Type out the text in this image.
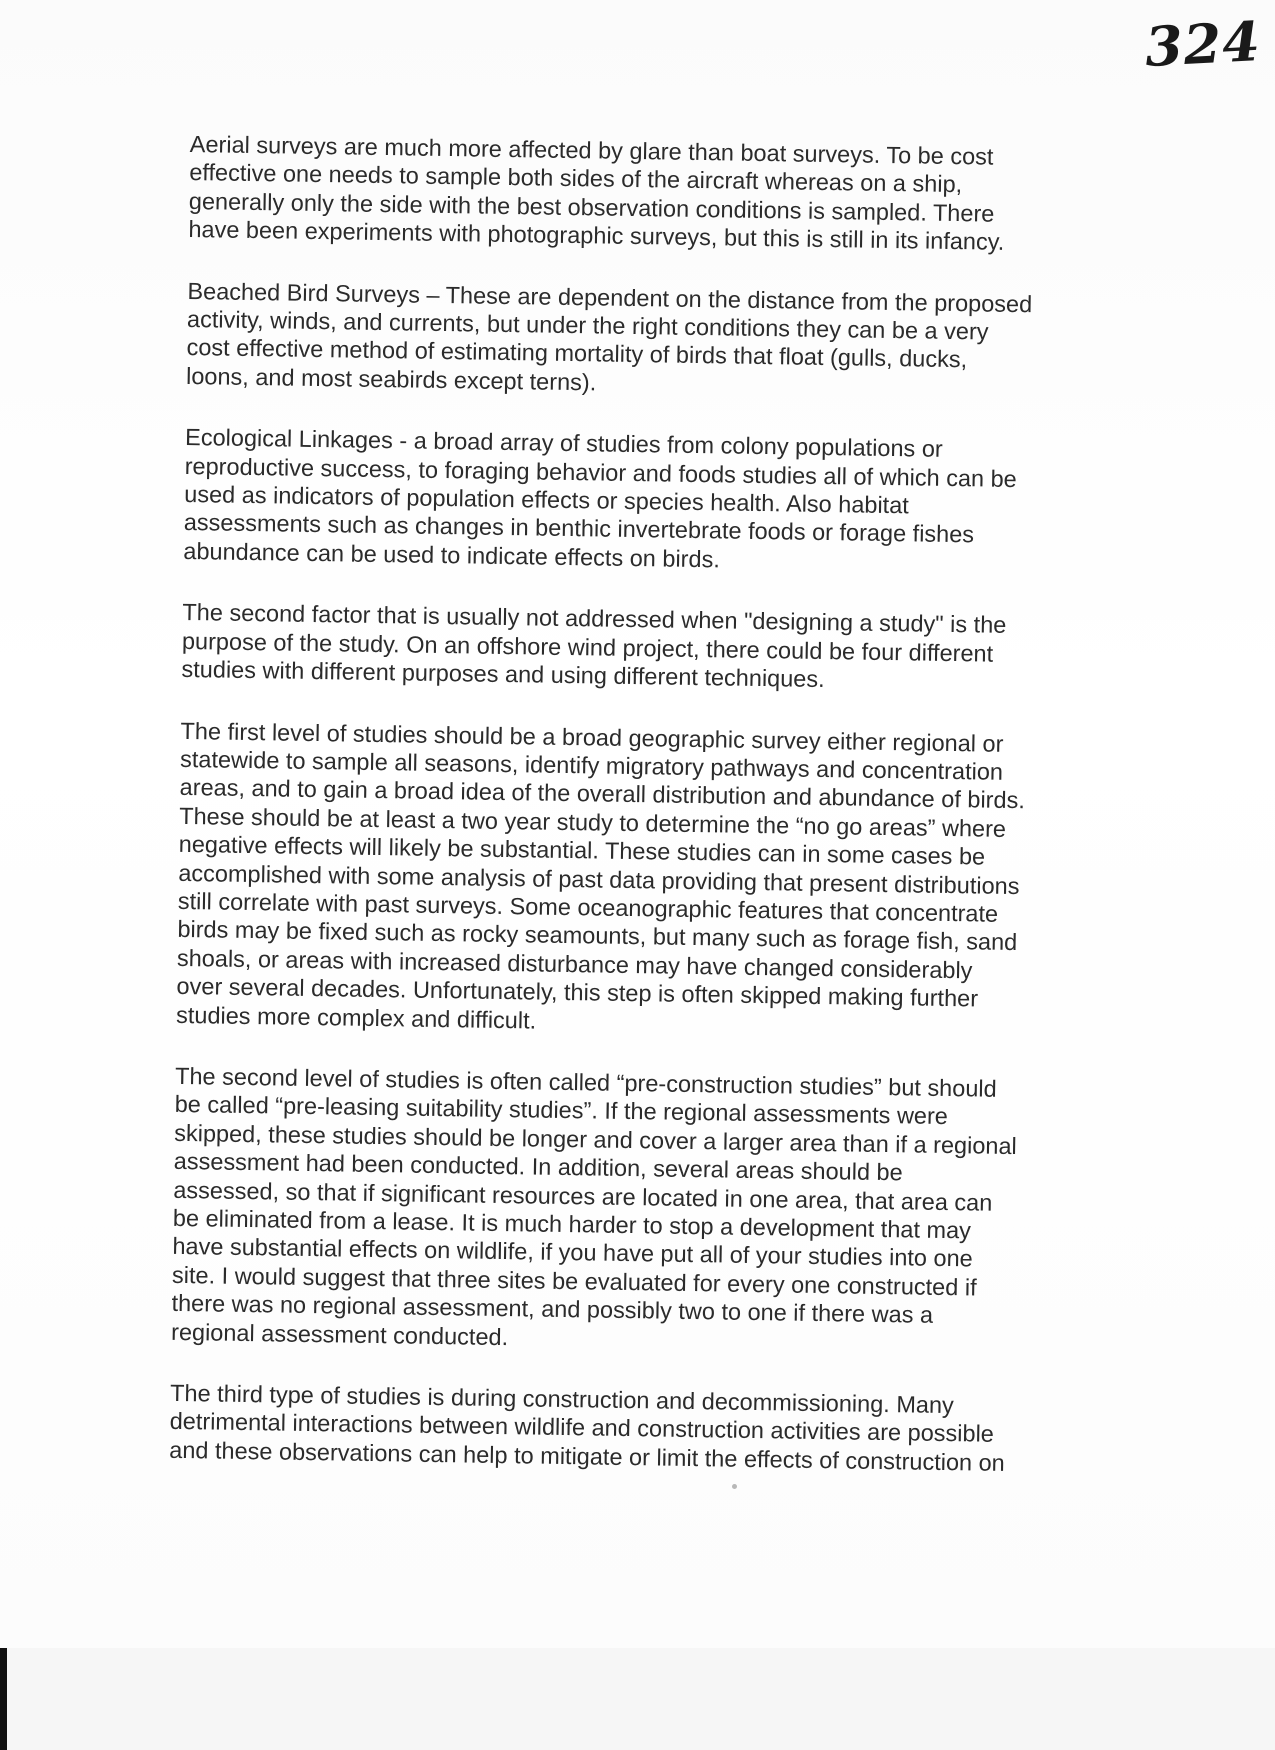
324

Aerial surveys are much more affected by glare than boat surveys. To be cost
effective one needs to sample both sides of the aircraft whereas on a ship,
generally only the side with the best observation conditions is sampled. There
have been experiments with photographic surveys, but this is still in its infancy.

Beached Bird Surveys – These are dependent on the distance from the proposed
activity, winds, and currents, but under the right conditions they can be a very
cost effective method of estimating mortality of birds that float (gulls, ducks,
loons, and most seabirds except terns).

Ecological Linkages - a broad array of studies from colony populations or
reproductive success, to foraging behavior and foods studies all of which can be
used as indicators of population effects or species health. Also habitat
assessments such as changes in benthic invertebrate foods or forage fishes
abundance can be used to indicate effects on birds.

The second factor that is usually not addressed when "designing a study" is the
purpose of the study. On an offshore wind project, there could be four different
studies with different purposes and using different techniques.

The first level of studies should be a broad geographic survey either regional or
statewide to sample all seasons, identify migratory pathways and concentration
areas, and to gain a broad idea of the overall distribution and abundance of birds.
These should be at least a two year study to determine the “no go areas” where
negative effects will likely be substantial. These studies can in some cases be
accomplished with some analysis of past data providing that present distributions
still correlate with past surveys. Some oceanographic features that concentrate
birds may be fixed such as rocky seamounts, but many such as forage fish, sand
shoals, or areas with increased disturbance may have changed considerably
over several decades. Unfortunately, this step is often skipped making further
studies more complex and difficult.

The second level of studies is often called “pre-construction studies” but should
be called “pre-leasing suitability studies”. If the regional assessments were
skipped, these studies should be longer and cover a larger area than if a regional
assessment had been conducted. In addition, several areas should be
assessed, so that if significant resources are located in one area, that area can
be eliminated from a lease. It is much harder to stop a development that may
have substantial effects on wildlife, if you have put all of your studies into one
site. I would suggest that three sites be evaluated for every one constructed if
there was no regional assessment, and possibly two to one if there was a
regional assessment conducted.

The third type of studies is during construction and decommissioning. Many
detrimental interactions between wildlife and construction activities are possible
and these observations can help to mitigate or limit the effects of construction on
